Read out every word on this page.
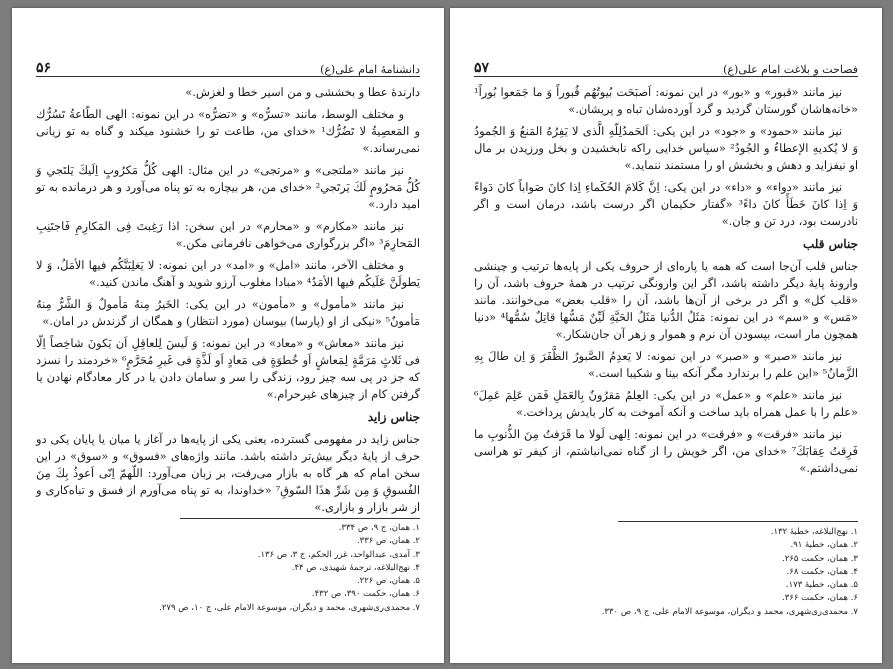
دانشنامهٔ امام علی(ع)
۵۶

دارندهٔ عطا و بخششی و من اسیر خطا و لغزش.»

و مختلف الوسط، مانند «تسرُّه» و «تضرُّه» در این نمونه: الهی الطّاعةُ تَسُرُّك و المَعصِيةُ لا تَضُرُّك¹ «خدای من، طاعت تو را خشنود میکند و گناه به تو زیانی نمی‌رساند.»

نیز مانند «ملتجی» و «مرتجی» در این مثال: الهی کُلُّ مَکرُوبٍ اِلَيكَ يَلتَجي وَ کُلُّ مَحرُومٍ لَكَ يَرتَجي² «خدای من، هر بیچاره به تو پناه می‌آورد و هر درمانده به تو امید دارد.»

نیز مانند «مکارم» و «محارم» در این سخن: اذا رَغِبتَ فِی المَکارِمِ فَاجتَنِبِ المَحارِمَ³ «اگر بزرگواری می‌خواهی نافرمانی مکن.»

و مختلف الآخر، مانند «امل» و «امد» در این نمونه: لا یَغلِبَنَّکُم فیها الأمَلُ، وَ لا یَطولَنَّ عَلَیکُم فیها الأمَدُ⁴ «مبادا مغلوب آرزو شوید و آهنگ ماندن کنید.»

نیز مانند «مأمول» و «مأمون» در این یکی: الخَیرُ مِنهُ مَأمولٌ وَ الشَّرُّ مِنهُ مَأمونٌ⁵ «نیکی از او (پارسا) بیوسان (مورد انتظار) و همگان از گزندش در امان.»

نیز مانند «معاش» و «معاد» در این نمونه: وَ لَیسَ لِلعاقِلِ اَن یَکونَ شاخِصاً اِلّا فی ثَلاثٍ مَرَمَّةٍ لِمَعاشٍ اَو خُطوَةٍ فی مَعادٍ اَو لَذَّةٍ فی غَیرِ مُحَرَّمٍ⁶ «خردمند را نسزد که جز در پی سه چیز رود، زندگی را سر و سامان دادن یا در کار معادگام نهادن یا گرفتن کام از چیزهای غیرحرام.»

جناس زاید

جناس زاید در مفهومی گسترده، یعنی یکی از پایه‌ها در آغاز یا میان یا پایان یکی دو حرف از پایهٔ دیگر بیش‌تر داشته باشد. مانند واژه‌های «فسوق» و «سوق» در این سخن امام که هر گاه به بازار می‌رفت، بر زبان می‌آورد: اللّهمّ اِنّی اَعوذُ بِكَ مِنَ الفُسوقِ وَ مِن شَرِّ هذَا السّوقِ⁷ «خداوندا، به تو پناه می‌آورم از فسق و تباه‌کاری و از شر بازار و بازاری.»

۱. همان، ج ۹، ص ۳۳۴.
۲. همان، ص ۳۳۶.
۳. آمدی، عبدالواحد، غرر الحکم، ج ۳، ص ۱۳۶.
۴. نهج‌البلاغه، ترجمهٔ شهیدی، ص ۴۴.
۵. همان، ص ۲۲۶.
۶. همان، حکمت ۳۹۰، ص ۴۳۲.
۷. محمدی‌ری‌شهری، محمد و دیگران، موسوعة الامام علی، ج ۱۰، ص ۲۷۹.
فصاحت و بلاغت امام علی(ع)
۵۷

نیز مانند «قبور» و «بور» در این نمونه: اَصبَحَت بُیوتُهُم قُبوراً وَ ما جَمَعوا بُوراً¹ «خانه‌هاشان گورستان گردید و گرد آورده‌شان تباه و پریشان.»

نیز مانند «حمود» و «جود» در این یکی: اَلحَمدُلِلّهِ الَّذی لا یَفِرُهُ المَنعُ وَ الجُمودُ وَ لا یُکدیهِ الإعطاءُ و الجُودُ² «سپاس خدایی راکه نابخشیدن و بخل ورزیدن بر مال او نیفزاید و دهش و بخشش او را مستمند ننماید.»

نیز مانند «دواء» و «داء» در این یکی: اِنَّ کَلامَ الحُکَماءِ اِذا کانَ صَواباً کانَ دَواءً وَ اِذا کانَ خَطَأً کانَ داءً³ «گفتار حکیمان اگر درست باشد، درمان است و اگر نادرست بود، درد تن و جان.»

جناس قلب

جناس قلب آن‌جا است که همه یا پاره‌ای از حروف یکی از پایه‌ها ترتیب و چینشی وارونهٔ پایهٔ دیگر داشته باشد، اگر این وارونگی ترتیب در همهٔ حروف باشد، آن را «قلب کل» و اگر در برخی از آن‌ها باشد، آن را «قلب بعض» می‌خوانند. مانند «مَس» و «سم» در این نمونه: مَثَلُ الدُّنیا مَثَلُ الحَیَّةِ لَیِّنٌ مَسُّها قاتِلٌ سُمُّها⁴ «دنیا همچون مار است، بپسودن آن نرم و هموار و زهر آن جان‌شکار.»

نیز مانند «صبر» و «صبر» در این نمونه: لا یَعدِمُ الصَّبورُ الظَّفَرَ وَ اِن طالَ بِهِ الزَّمانُ⁵ «این علم را برندارد مگر آنکه بینا و شکیبا است.»

نیز مانند «علم» و «عمل» در این یکی: العِلمُ مَقرُونٌ بِالعَمَلِ فَمَن عَلِمَ عَمِلَ⁶ «علم را با عمل همراه باید ساخت و آنکه آموخت به کار بایدش پرداخت.»

نیز مانند «فرقت» و «فرقت» در این نمونه: اِلهی لَولا ما قَرَفتُ مِنَ الذُّنوبِ ما فَرِقتُ عِقابَكَ⁷ «خدای من، اگر خویش را از گناه نمی‌انباشتم، از کیفر تو هراسی نمی‌داشتم.»

۱. نهج‌البلاغه، خطبهٔ ۱۳۲.
۲. همان، خطبهٔ ۹۱.
۳. همان، حکمت ۲۶۵.
۴. همان، حکمت ۶۸.
۵. همان، خطبهٔ ۱۷۳.
۶. همان، حکمت ۳۶۶.
۷. محمدی‌ری‌شهری، محمد و دیگران، موسوعة الامام علی، ج ۹، ص ۳۳۰.
